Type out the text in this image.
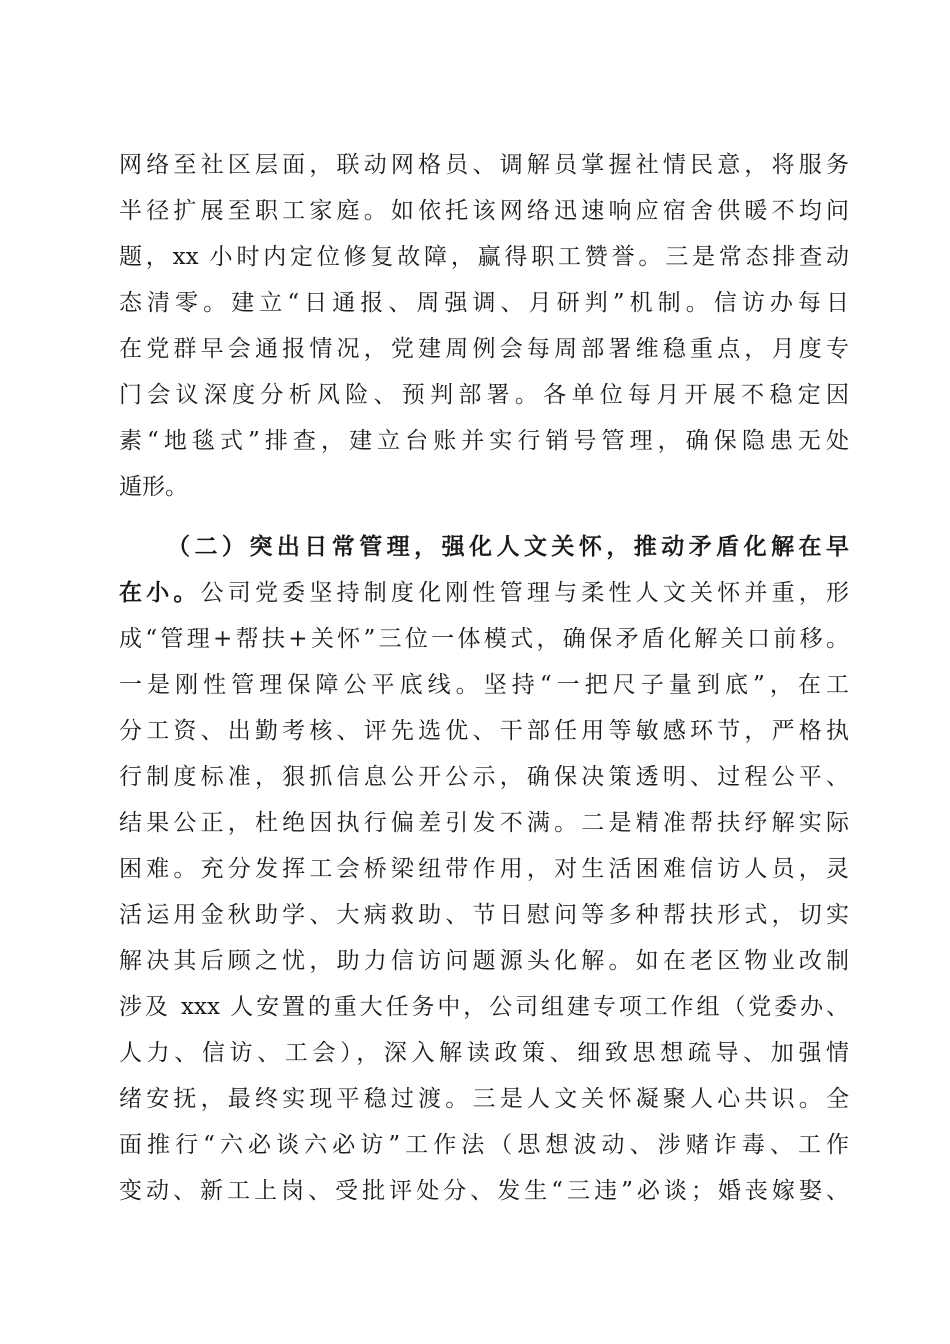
网络至社区层面，联动网格员、调解员掌握社情民意，将服务
半径扩展至职工家庭。如依托该网络迅速响应宿舍供暖不均问
题，xx 小时内定位修复故障，赢得职工赞誉。三是常态排查动
态清零。建立“日通报、周强调、月研判”机制。信访办每日
在党群早会通报情况，党建周例会每周部署维稳重点，月度专
门会议深度分析风险、预判部署。各单位每月开展不稳定因
素“地毯式”排查，建立台账并实行销号管理，确保隐患无处
遁形。
（二）突出日常管理，强化人文关怀，推动矛盾化解在早
在小。公司党委坚持制度化刚性管理与柔性人文关怀并重，形
成“管理+帮扶+关怀”三位一体模式，确保矛盾化解关口前移。
一是刚性管理保障公平底线。坚持“一把尺子量到底”，在工
分工资、出勤考核、评先选优、干部任用等敏感环节，严格执
行制度标准，狠抓信息公开公示，确保决策透明、过程公平、
结果公正，杜绝因执行偏差引发不满。二是精准帮扶纾解实际
困难。充分发挥工会桥梁纽带作用，对生活困难信访人员，灵
活运用金秋助学、大病救助、节日慰问等多种帮扶形式，切实
解决其后顾之忧，助力信访问题源头化解。如在老区物业改制
涉及 xxx 人安置的重大任务中，公司组建专项工作组（党委办、
人力、信访、工会），深入解读政策、细致思想疏导、加强情
绪安抚，最终实现平稳过渡。三是人文关怀凝聚人心共识。全
面推行“六必谈六必访”工作法（思想波动、涉赌诈毒、工作
变动、新工上岗、受批评处分、发生“三违”必谈；婚丧嫁娶、
